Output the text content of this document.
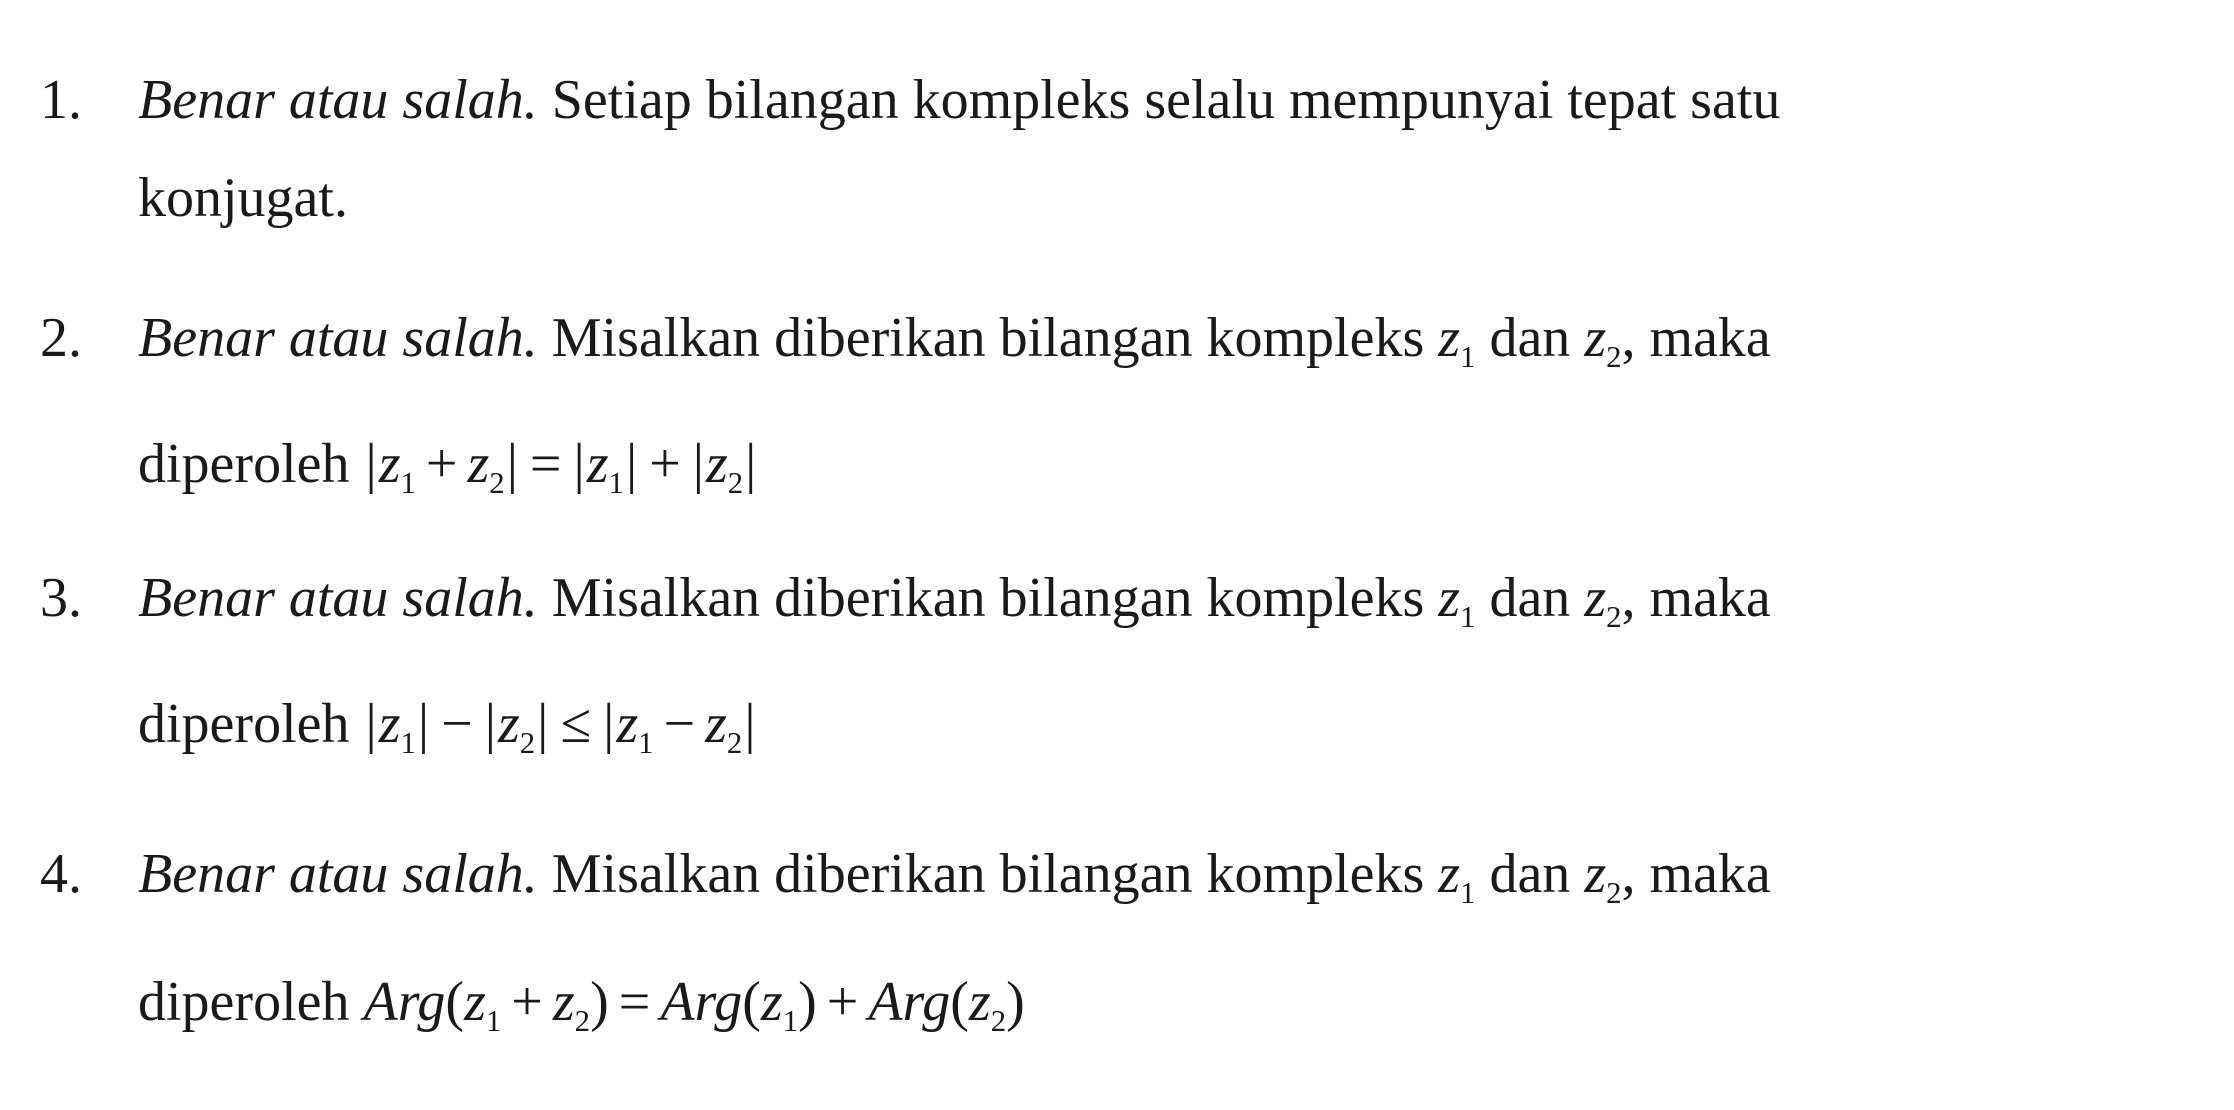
1. Benar atau salah. Setiap bilangan kompleks selalu mempunyai tepat satu
konjugat.
2. Benar atau salah. Misalkan diberikan bilangan kompleks $z_1$ dan $z_2$, maka
diperoleh $|z_1 + z_2| = |z_1| + |z_2|$
3. Benar atau salah. Misalkan diberikan bilangan kompleks $z_1$ dan $z_2$, maka
diperoleh $|z_1| - |z_2| \le |z_1 - z_2|$
4. Benar atau salah. Misalkan diberikan bilangan kompleks $z_1$ dan $z_2$, maka
diperoleh $Arg(z_1 + z_2) = Arg(z_1) + Arg(z_2)$
